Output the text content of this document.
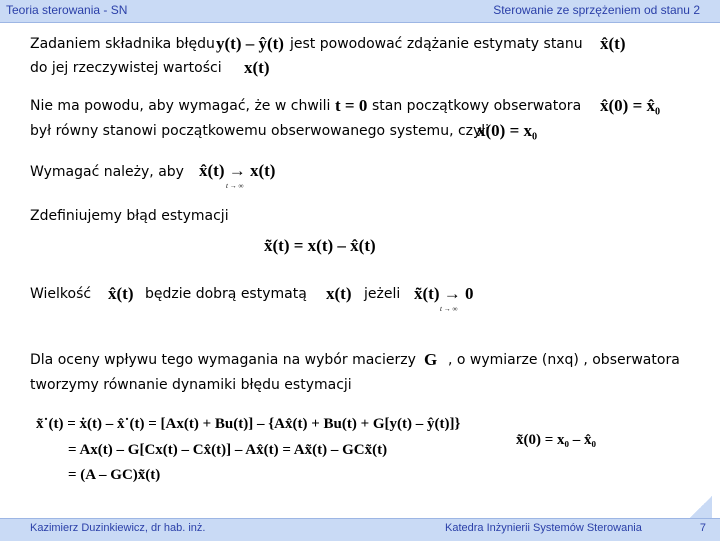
Teoria sterowania - SN	Sterowanie ze sprzężeniem od stanu 2
Zadaniem składnika błędu y(t) – ŷ(t) jest powodować zdążanie estymaty stanu x̂(t)
do jej rzeczywistej wartości x(t)
Nie ma powodu, aby wymagać, że w chwili t = 0 stan początkowy obserwatora x̂(0) = x̂₀
był równy stanowi początkowemu obserwowanego systemu, czyli
x(0) = x₀
Wymagać należy, aby x̂(t) → x(t)
t → ∞
Zdefiniujemy błąd estymacji
x̃(t) = x(t) – x̂(t)
Wielkość x̂(t) będzie dobrą estymatą x(t) jeżeli x̃(t) → 0
t → ∞
Dla oceny wpływu tego wymagania na wybór macierzy G , o wymiarze (nxq) , obserwatora
tworzymy równanie dynamiki błędu estymacji
x̃˙(t) = ẋ(t) – x̂˙(t) = [Ax(t) + Bu(t)] – {Ax̂(t) + Bu(t) + G[y(t) – ŷ(t)]}
= Ax(t) – G[Cx(t) – Cx̂(t)] – Ax̂(t) = Ax̃(t) – GCx̃(t)
= (A – GC)x̃(t)
x̃(0) = x₀ – x̂₀
Kazimierz Duzinkiewicz, dr hab. inż.	Katedra Inżynierii Systemów Sterowania	7
